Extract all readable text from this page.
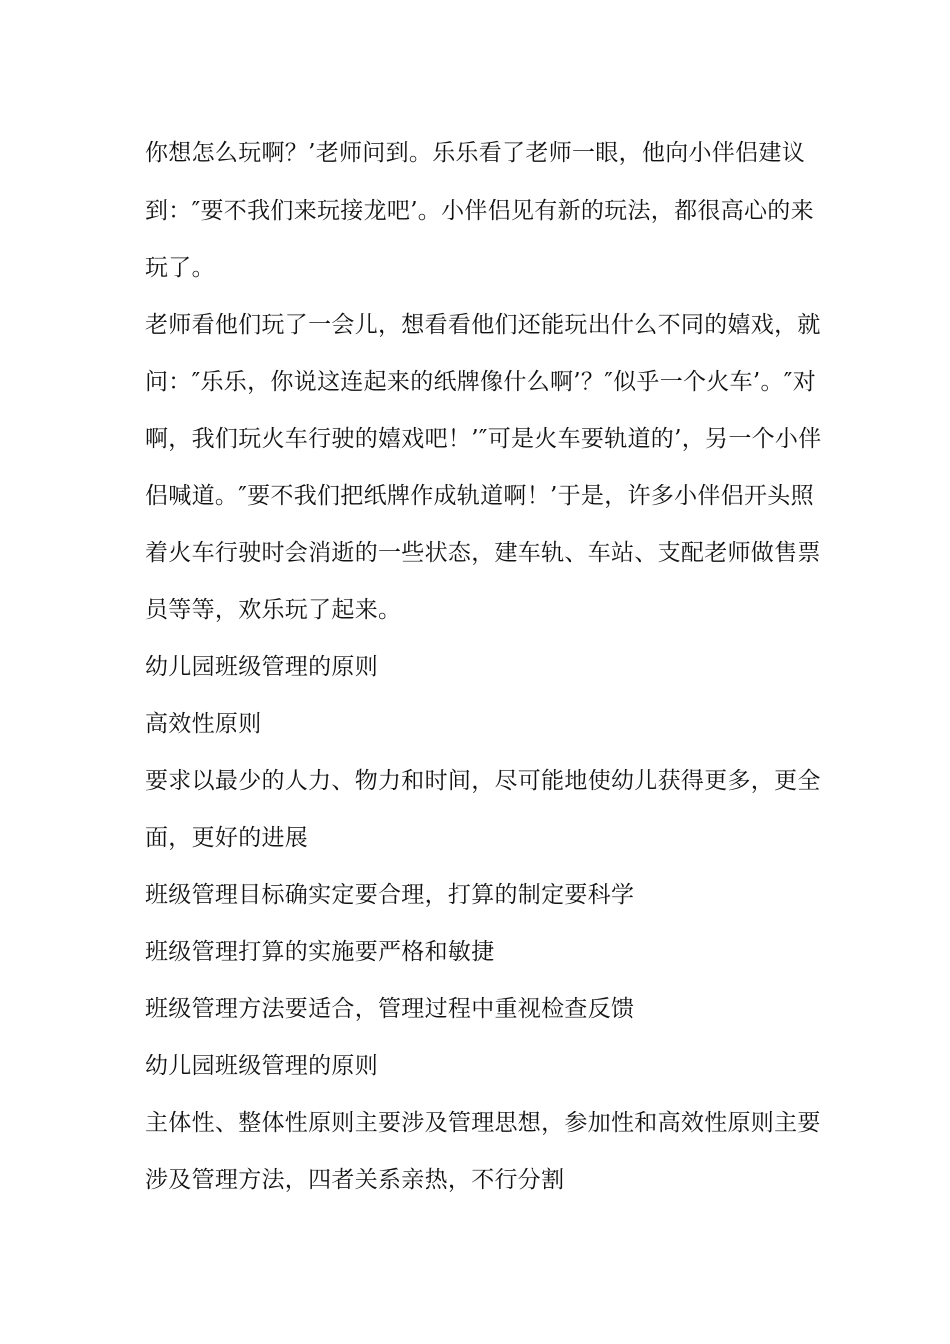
你想怎么玩啊？’老师问到。乐乐看了老师一眼，他向小伴侣建议
到：″要不我们来玩接龙吧’。小伴侣见有新的玩法，都很高心的来
玩了。
老师看他们玩了一会儿，想看看他们还能玩出什么不同的嬉戏，就
问：″乐乐，你说这连起来的纸牌像什么啊’？″似乎一个火车’。″对
啊，我们玩火车行驶的嬉戏吧！’″可是火车要轨道的’，另一个小伴
侣喊道。″要不我们把纸牌作成轨道啊！’于是，许多小伴侣开头照
着火车行驶时会消逝的一些状态，建车轨、车站、支配老师做售票
员等等，欢乐玩了起来。
幼儿园班级管理的原则
高效性原则
要求以最少的人力、物力和时间，尽可能地使幼儿获得更多，更全
面，更好的进展
班级管理目标确实定要合理，打算的制定要科学
班级管理打算的实施要严格和敏捷
班级管理方法要适合，管理过程中重视检查反馈
幼儿园班级管理的原则
主体性、整体性原则主要涉及管理思想，参加性和高效性原则主要
涉及管理方法，四者关系亲热，不行分割
